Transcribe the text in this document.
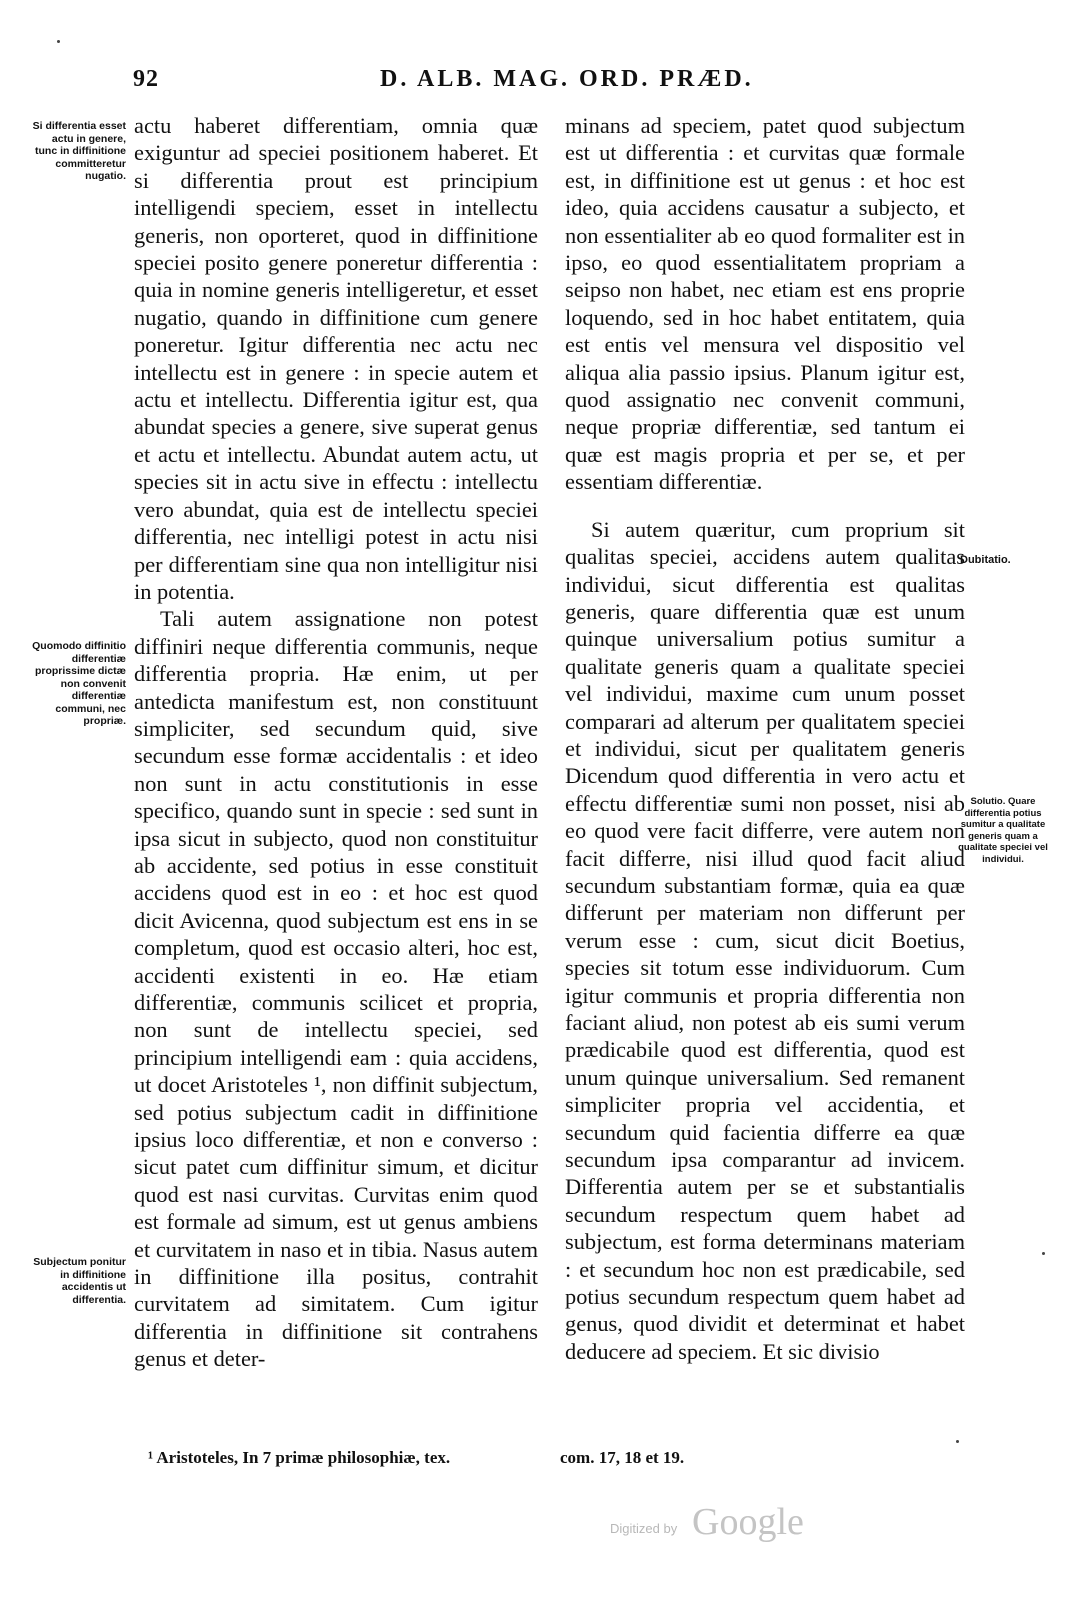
92	D. ALB. MAG. ORD. PRÆD.
Si differentia esset actu in genere, tunc in diffinitione committeretur nugatio.
Quomodo diffinitio differentiæ proprissime dictæ non convenit differentiæ communi, nec propriæ.
Subjectum ponitur in diffinitione accidentis ut differentia.
Dubitatio.
Solutio. Quare differentia potius sumitur a qualitate generis quam a qualitate speciei vel individui.

actu haberet differentiam, omnia quæ exiguntur ad speciei positionem haberet. Et si differentia prout est principium intelligendi speciem, esset in intellectu generis, non oporteret, quod in diffinitione speciei posito genere poneretur differentia : quia in nomine generis intelligeretur, et esset nugatio, quando in diffinitione cum genere poneretur. Igitur differentia nec actu nec intellectu est in genere : in specie autem et actu et intellectu. Differentia igitur est, qua abundat species a genere, sive superat genus et actu et intellectu. Abundat autem actu, ut species sit in actu sive in effectu : intellectu vero abundat, quia est de intellectu speciei differentia, nec intelligi potest in actu nisi per differentiam sine qua non intelligitur nisi in potentia.

Tali autem assignatione non potest diffiniri neque differentia communis, neque differentia propria. Hæ enim, ut per antedicta manifestum est, non constituunt simpliciter, sed secundum quid, sive secundum esse formæ accidentalis : et ideo non sunt in actu constitutionis in esse specifico, quando sunt in specie : sed sunt in ipsa sicut in subjecto, quod non constituitur ab accidente, sed potius in esse constituit accidens quod est in eo : et hoc est quod dicit Avicenna, quod subjectum est ens in se completum, quod est occasio alteri, hoc est, accidenti existenti in eo. Hæ etiam differentiæ, communis scilicet et propria, non sunt de intellectu speciei, sed principium intelligendi eam : quia accidens, ut docet Aristoteles ¹, non diffinit subjectum, sed potius subjectum cadit in diffinitione ipsius loco differentiæ, et non e converso : sicut patet cum diffinitur simum, et dicitur quod est nasi curvitas. Curvitas enim quod est formale ad simum, est ut genus ambiens et curvitatem in naso et in tibia. Nasus autem in diffinitione illa positus, contrahit curvitatem ad simitatem. Cum igitur differentia in diffinitione sit contrahens genus et deter-

minans ad speciem, patet quod subjectum est ut differentia : et curvitas quæ formale est, in diffinitione est ut genus : et hoc est ideo, quia accidens causatur a subjecto, et non essentialiter ab eo quod formaliter est in ipso, eo quod essentialitatem propriam a seipso non habet, nec etiam est ens proprie loquendo, sed in hoc habet entitatem, quia est entis vel mensura vel dispositio vel aliqua alia passio ipsius. Planum igitur est, quod assignatio nec convenit communi, neque propriæ differentiæ, sed tantum ei quæ est magis propria et per se, et per essentiam differentiæ.

Si autem quæritur, cum proprium sit qualitas speciei, accidens autem qualitas individui, sicut differentia est qualitas generis, quare differentia quæ est unum quinque universalium potius sumitur a qualitate generis quam a qualitate speciei vel individui, maxime cum unum posset comparari ad alterum per qualitatem speciei et individui, sicut per qualitatem generis Dicendum quod differentia in vero actu et effectu differentiæ sumi non posset, nisi ab eo quod vere facit differre, vere autem non facit differre, nisi illud quod facit aliud secundum substantiam formæ, quia ea quæ differunt per materiam non differunt per verum esse : cum, sicut dicit Boetius, species sit totum esse individuorum. Cum igitur communis et propria differentia non faciant aliud, non potest ab eis sumi verum prædicabile quod est differentia, quod est unum quinque universalium. Sed remanent simpliciter propria vel accidentia, et secundum quid facientia differre ea quæ secundum ipsa comparantur ad invicem. Differentia autem per se et substantialis secundum respectum quem habet ad subjectum, est forma determinans materiam : et secundum hoc non est prædicabile, sed potius secundum respectum quem habet ad genus, quod dividit et determinat et habet deducere ad speciem. Et sic divisio

¹ Aristoteles, In 7 primæ philosophiæ, tex.	com. 17, 18 et 19.
Digitized by Google
